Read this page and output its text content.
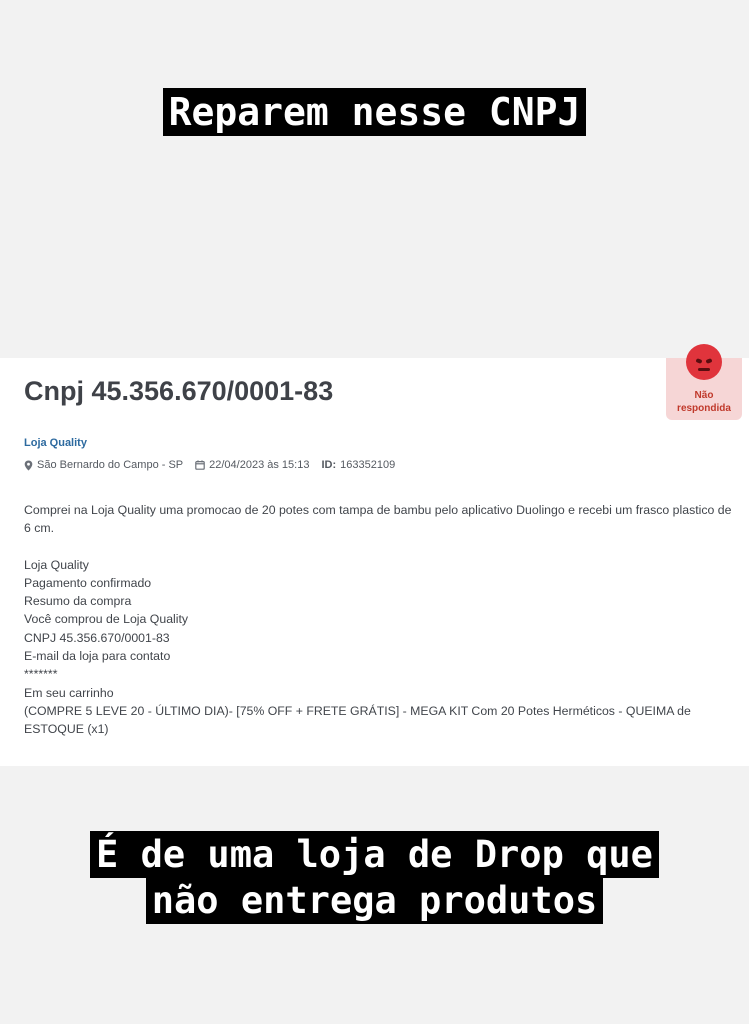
Reparem nesse CNPJ
Cnpj 45.356.670/0001-83	Não
respondida
Loja Quality
São Bernardo do Campo - SP 22/04/2023 às 15:13 ID: 163352109

Comprei na Loja Quality uma promocao de 20 potes com tampa de bambu pelo aplicativo Duolingo e recebi um frasco plastico de 6 cm.

Loja Quality

Pagamento confirmado

Resumo da compra

Você comprou de Loja Quality

CNPJ 45.356.670/0001-83

E-mail da loja para contato

*******

Em seu carrinho

(COMPRE 5 LEVE 20 - ÚLTIMO DIA)- [75% OFF + FRETE GRÁTIS] - MEGA KIT Com 20 Potes Herméticos - QUEIMA de ESTOQUE (x1)

É de uma loja de Drop que
não entrega produtos
